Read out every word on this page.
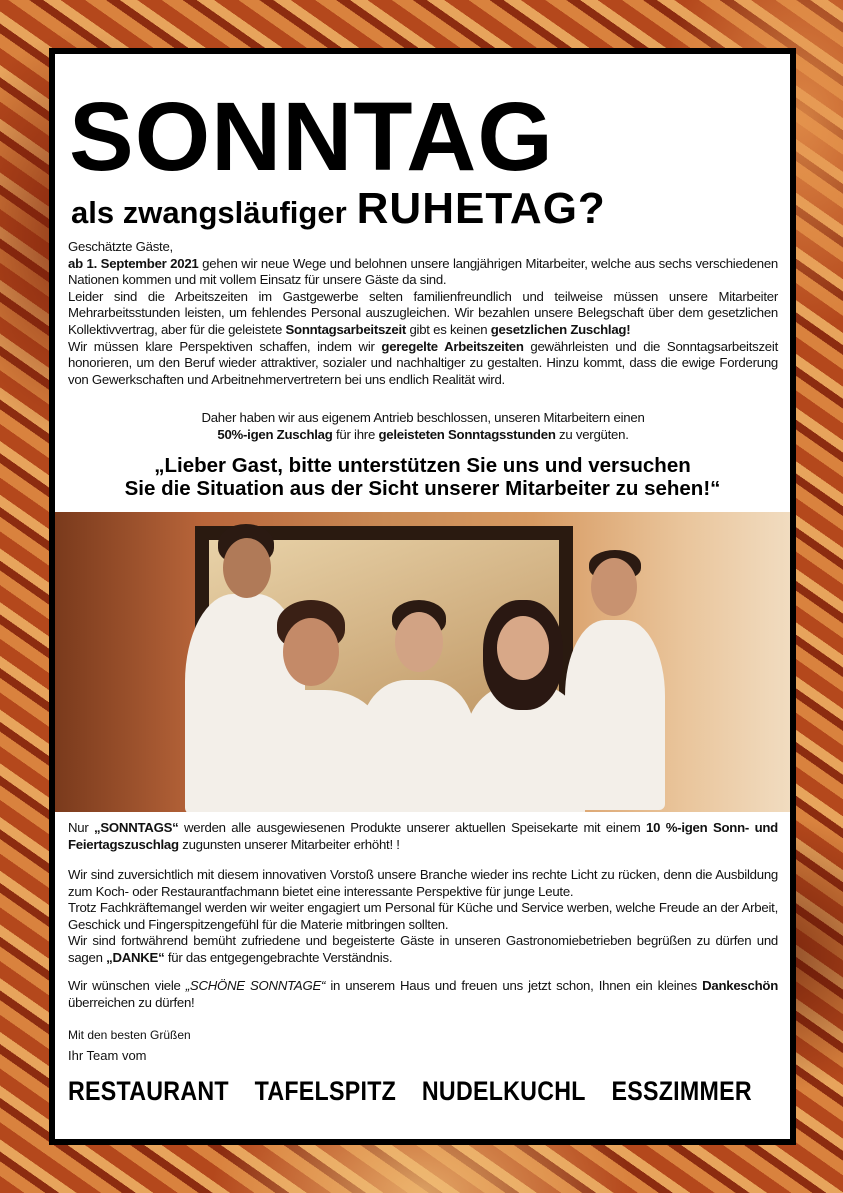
SONNTAG
als zwangsläufiger RUHETAG?

Geschätzte Gäste,

ab 1. September 2021 gehen wir neue Wege und belohnen unsere langjährigen Mitarbeiter, welche aus sechs verschiedenen Nationen kommen und mit vollem Einsatz für unsere Gäste da sind.

Leider sind die Arbeitszeiten im Gastgewerbe selten familienfreundlich und teilweise müssen unsere Mitarbeiter Mehrarbeitsstunden leisten, um fehlendes Personal auszugleichen. Wir bezahlen unsere Belegschaft über dem gesetzlichen Kollektivvertrag, aber für die geleistete Sonntagsarbeitszeit gibt es keinen gesetzlichen Zuschlag!

Wir müssen klare Perspektiven schaffen, indem wir geregelte Arbeitszeiten gewährleisten und die Sonntagsarbeitszeit honorieren, um den Beruf wieder attraktiver, sozialer und nachhaltiger zu gestalten. Hinzu kommt, dass die ewige Forderung von Gewerkschaften und Arbeitnehmervertretern bei uns endlich Realität wird.

Daher haben wir aus eigenem Antrieb beschlossen, unseren Mitarbeitern einen

50%-igen Zuschlag für ihre geleisteten Sonntagsstunden zu vergüten.

„Lieber Gast, bitte unterstützen Sie uns und versuchen
Sie die Situation aus der Sicht unserer Mitarbeiter zu sehen!“

Nur „SONNTAGS“ werden alle ausgewiesenen Produkte unserer aktuellen Speisekarte mit einem 10 %-igen Sonn- und Feiertagszuschlag zugunsten unserer Mitarbeiter erhöht! !

Wir sind zuversichtlich mit diesem innovativen Vorstoß unsere Branche wieder ins rechte Licht zu rücken, denn die Ausbildung zum Koch- oder Restaurantfachmann bietet eine interessante Perspektive für junge Leute.

Trotz Fachkräftemangel werden wir weiter engagiert um Personal für Küche und Service werben, welche Freude an der Arbeit, Geschick und Fingerspitzengefühl für die Materie mitbringen sollten.

Wir sind fortwährend bemüht zufriedene und begeisterte Gäste in unseren Gastronomiebetrieben begrüßen zu dürfen und sagen „DANKE“ für das entgegengebrachte Verständnis.

Wir wünschen viele „SCHÖNE SONNTAGE“ in unserem Haus und freuen uns jetzt schon, Ihnen ein kleines Dankeschön überreichen zu dürfen!

Mit den besten Grüßen
Ihr Team vom
RESTAURANT TAFELSPITZ NUDELKUCHL ESSZIMMER
